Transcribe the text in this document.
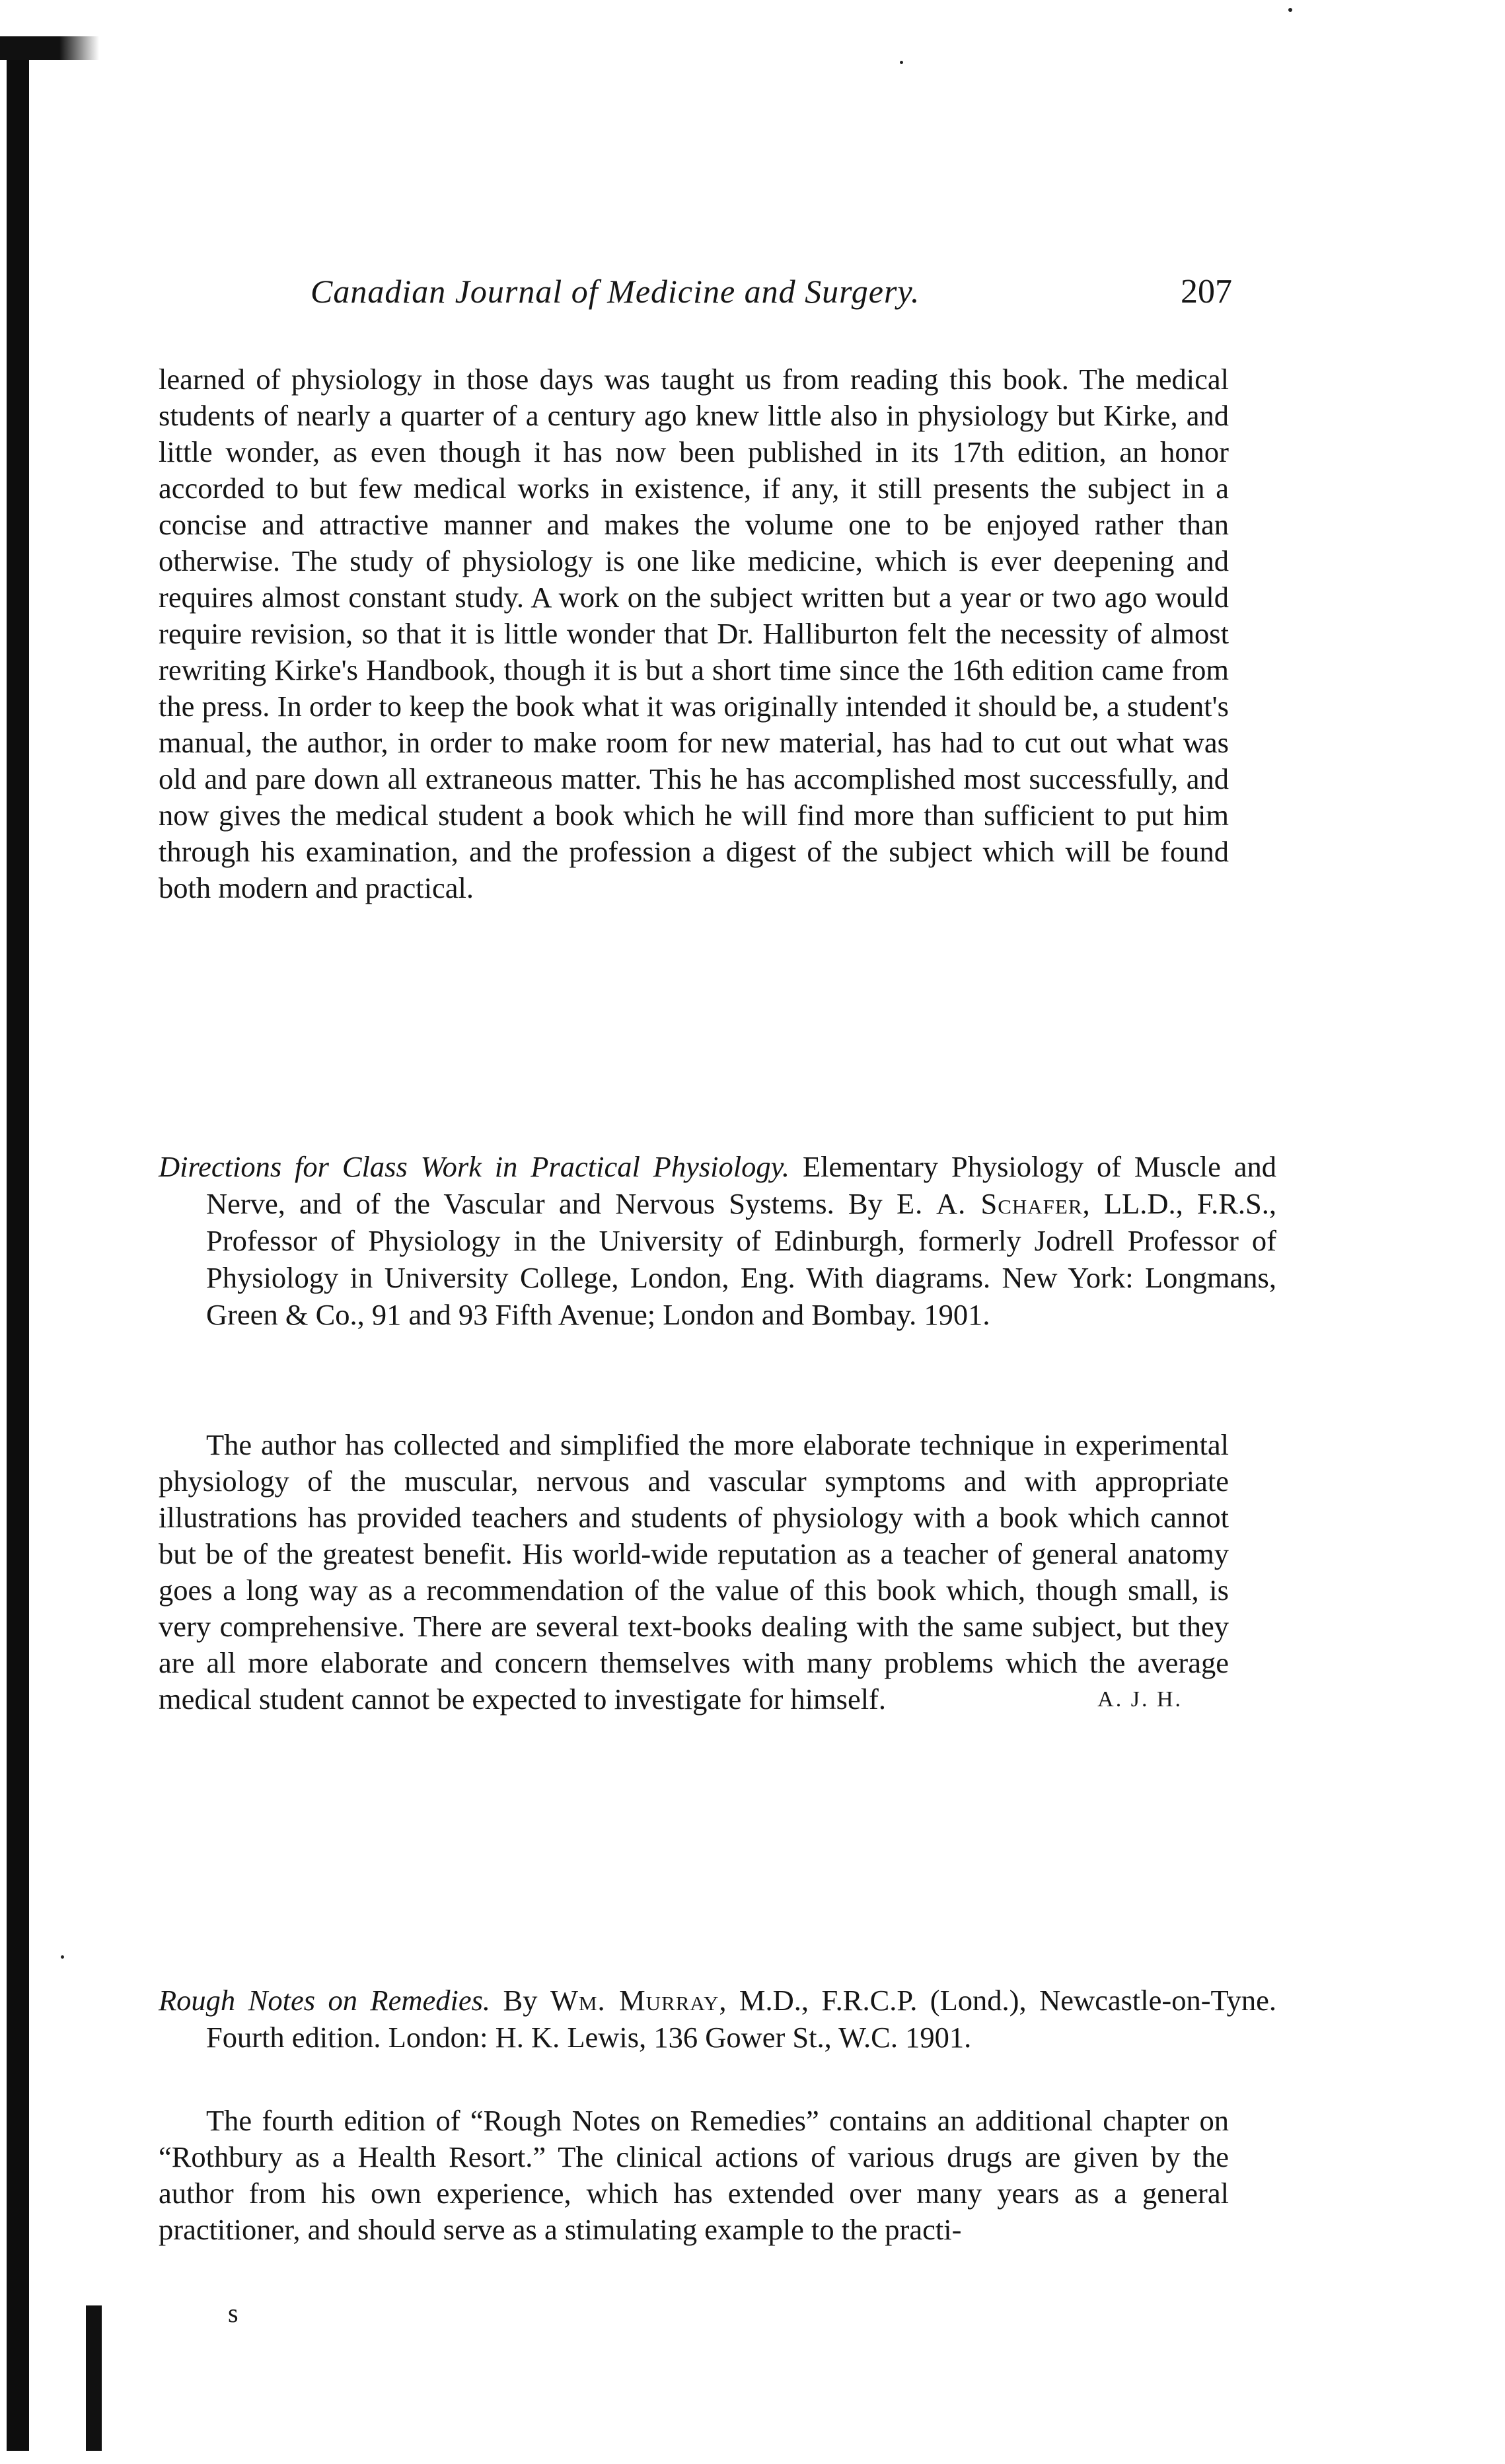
Canadian Journal of Medicine and Surgery.	207

learned of physiology in those days was taught us from reading this book. The medical students of nearly a quarter of a century ago knew little also in physiology but Kirke, and little wonder, as even though it has now been published in its 17th edition, an honor accorded to but few medical works in existence, if any, it still presents the subject in a concise and attractive manner and makes the volume one to be enjoyed rather than otherwise. The study of physiology is one like medicine, which is ever deepening and requires almost constant study. A work on the subject written but a year or two ago would require revision, so that it is little wonder that Dr. Halliburton felt the necessity of almost rewriting Kirke's Handbook, though it is but a short time since the 16th edition came from the press. In order to keep the book what it was originally intended it should be, a student's manual, the author, in order to make room for new material, has had to cut out what was old and pare down all extraneous matter. This he has accomplished most successfully, and now gives the medical student a book which he will find more than sufficient to put him through his examination, and the profession a digest of the subject which will be found both modern and practical.

Directions for Class Work in Practical Physiology. Elementary Physiology of Muscle and Nerve, and of the Vascular and Nervous Systems. By E. A. Schafer, LL.D., F.R.S., Professor of Physiology in the University of Edinburgh, formerly Jodrell Professor of Physiology in University College, London, Eng. With diagrams. New York: Longmans, Green & Co., 91 and 93 Fifth Avenue; London and Bombay. 1901.

The author has collected and simplified the more elaborate technique in experimental physiology of the muscular, nervous and vascular symptoms and with appropriate illustrations has provided teachers and students of physiology with a book which cannot but be of the greatest benefit. His world-wide reputation as a teacher of general anatomy goes a long way as a recommendation of the value of this book which, though small, is very comprehensive. There are several text-books dealing with the same subject, but they are all more elaborate and concern themselves with many problems which the average medical student cannot be expected to investigate for himself.	A. J. H.

Rough Notes on Remedies. By Wm. Murray, M.D., F.R.C.P. (Lond.), Newcastle-on-Tyne. Fourth edition. London: H. K. Lewis, 136 Gower St., W.C. 1901.

The fourth edition of “Rough Notes on Remedies” contains an additional chapter on “Rothbury as a Health Resort.” The clinical actions of various drugs are given by the author from his own experience, which has extended over many years as a general practitioner, and should serve as a stimulating example to the practi-

s
